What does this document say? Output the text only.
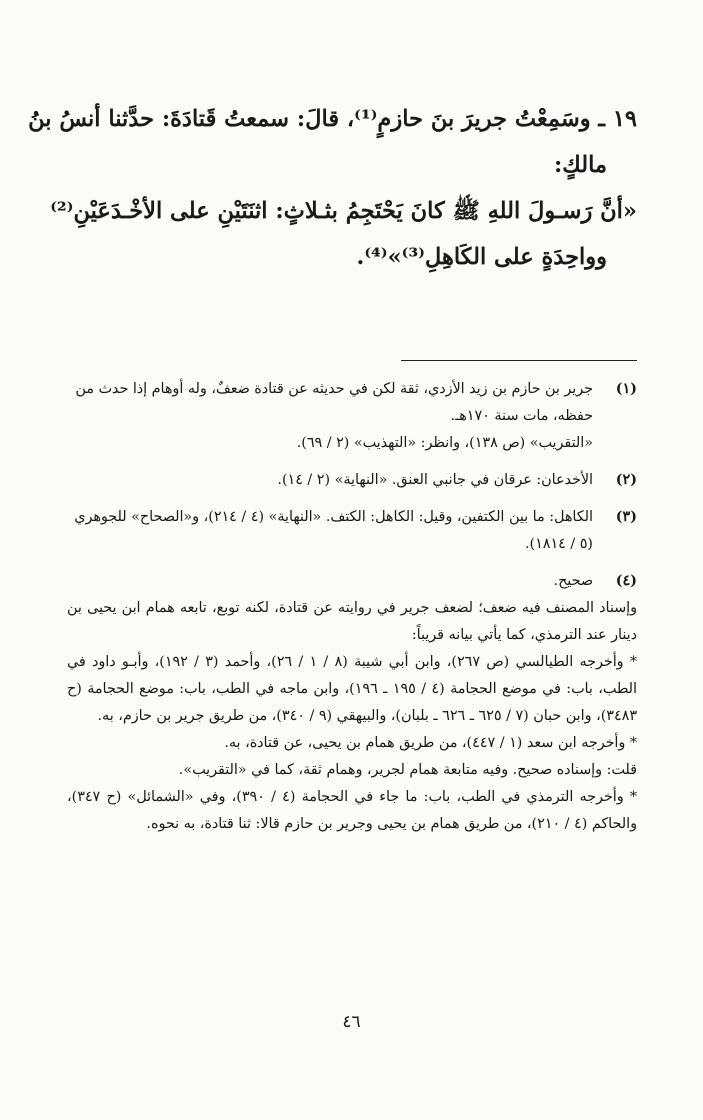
١٩ ـ وسَمِعْتُ جريرَ بنَ حازمٍ⁽¹⁾، قالَ: سمعتُ قَتادَةَ: حدَّثنا أنسُ بنُ
مالكٍ:
«أنَّ رَسـولَ اللهِ ﷺ كانَ يَحْتَجِمُ بثـلاثٍ: اثنَتَيْنِ على الأخْـدَعَيْنِ⁽²⁾
وواحِدَةٍ على الكَاهِلِ⁽³⁾»⁽⁴⁾.
(١)

جرير بن حازم بن زيد الأزدي، ثقة لكن في حديثه عن قتادة ضعفٌ، وله أوهام إذا حدث من حفظه، مات سنة ١٧٠هـ.

«التقريب» (ص ١٣٨)، وانظر: «التهذيب» (٢ / ٦٩).

(٢)

الأخدعان: عرقان في جانبي العنق. «النهاية» (٢ / ١٤).

(٣)

الكاهل: ما بين الكتفين، وقيل: الكاهل: الكتف. «النهاية» (٤ / ٢١٤)، و«الصحاح» للجوهري (٥ / ١٨١٤).

(٤)

صحيح.

وإسناد المصنف فيه ضعف؛ لضعف جرير في روايته عن قتادة، لكنه توبع، تابعه همام ابن يحيى بن دينار عند الترمذي، كما يأتي بيانه قريباً:

* وأخرجه الطيالسي (ص ٢٦٧)، وابن أبي شيبة (٨ / ١ / ٢٦)، وأحمد (٣ / ١٩٢)، وأبـو داود في الطب، باب: في موضع الحجامة (٤ / ١٩٥ ـ ١٩٦)، وابن ماجه في الطب، باب: موضع الحجامة (ح ٣٤٨٣)، وابن حبان (٧ / ٦٢٥ ـ ٦٢٦ ـ بلبان)، والبيهقي (٩ / ٣٤٠)، من طريق جرير بن حازم، به.

* وأخرجه ابن سعد (١ / ٤٤٧)، من طريق همام بن يحيى، عن قتادة، به.

قلت: وإسناده صحيح. وفيه متابعة همام لجرير، وهمام ثقة، كما في «التقريب».

* وأخرجه الترمذي في الطب، باب: ما جاء في الحجامة (٤ / ٣٩٠)، وفي «الشمائل» (ح ٣٤٧)، والحاكم (٤ / ٢١٠)، من طريق همام بن يحيى وجرير بن حازم قالا: ثنا قتادة، به نحوه.

٤٦
